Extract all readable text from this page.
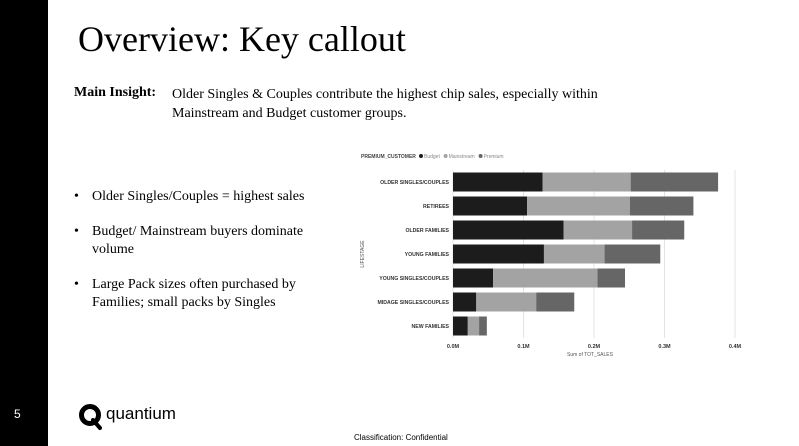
5
Overview: Key callout
Main Insight: Older Singles & Couples contribute the highest chip sales, especially within Mainstream and Budget customer groups.
• Older Singles/Couples = highest sales
• Budget/ Mainstream buyers dominate volume
• Large Pack sizes often purchased by Families; small packs by Singles
PREMIUM_CUSTOMER Budget Mainstream Premium
LIFESTAGE
OLDER SINGLES/COUPLES
RETIREES
OLDER FAMILIES
YOUNG FAMILIES
YOUNG SINGLES/COUPLES
MIDAGE SINGLES/COUPLES
NEW FAMILIES
0.0M	0.1M	0.2M	0.3M	0.4M
Sum of TOT_SALES
quantium
Classification: Confidential
